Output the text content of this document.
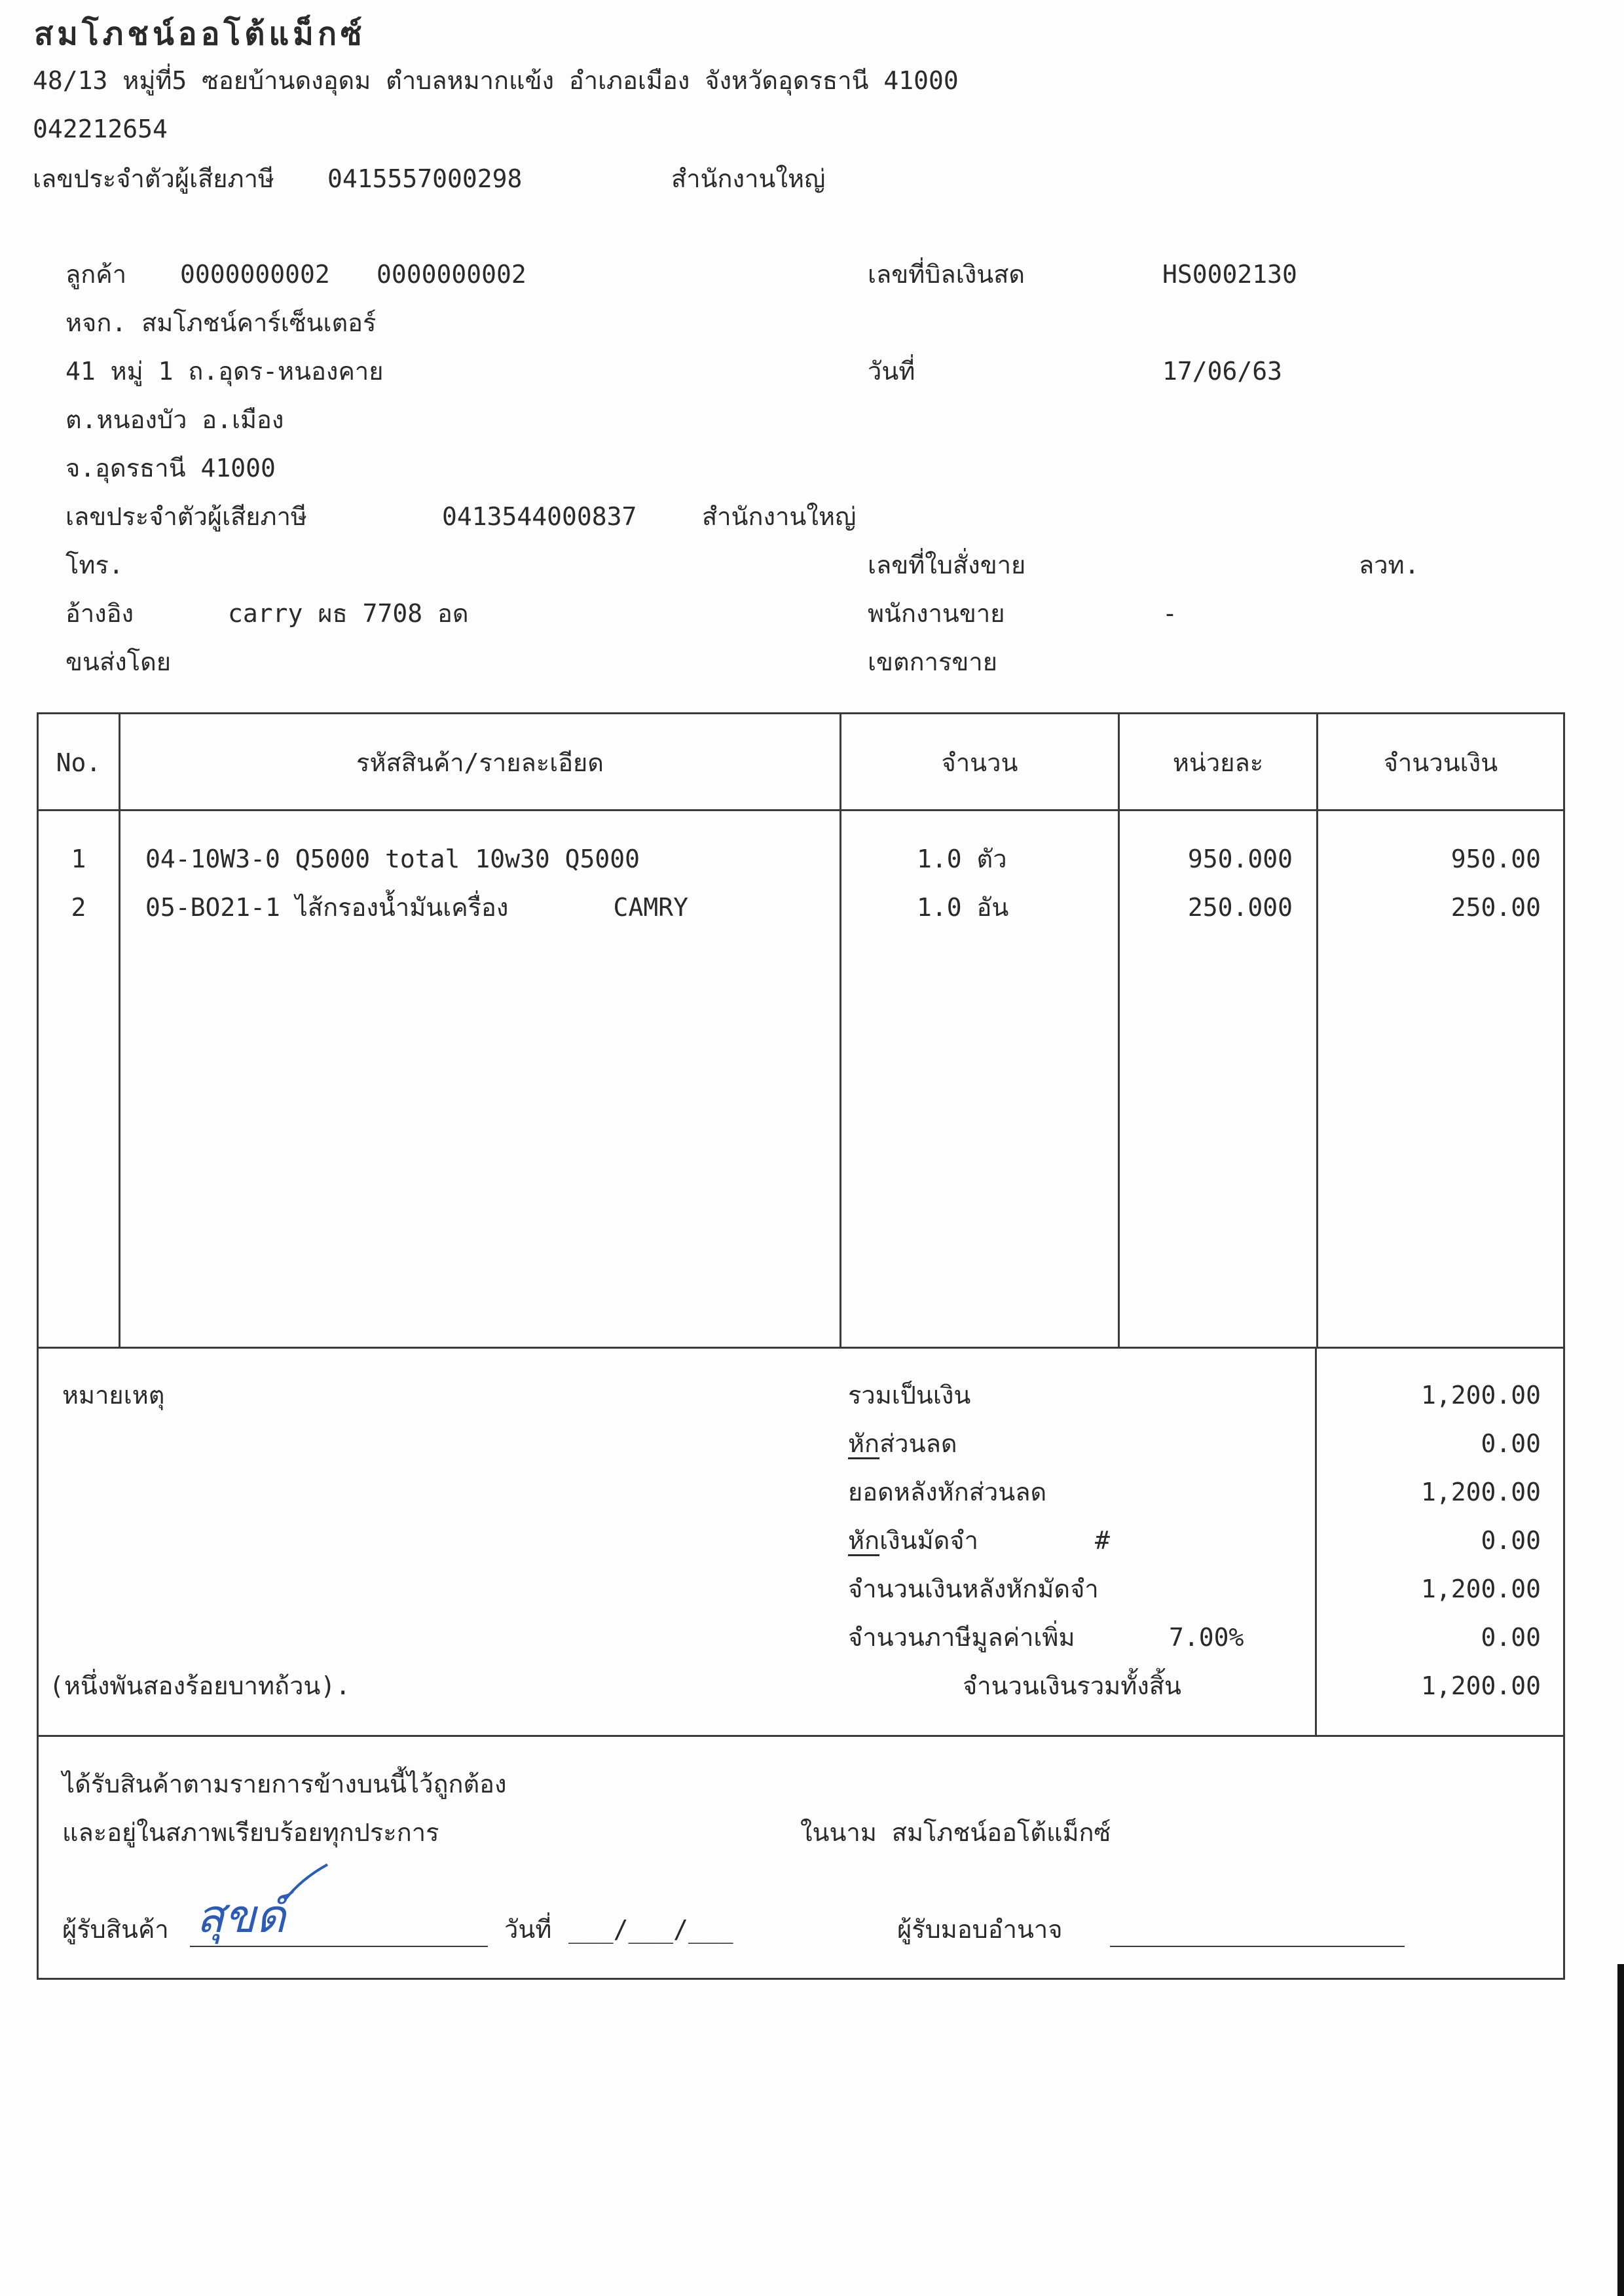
สมโภชน์ออโต้แม็กซ์
48/13 หมู่ที่5 ซอยบ้านดงอุดม ตำบลหมากแข้ง อำเภอเมือง จังหวัดอุดรธานี 41000
042212654
เลขประจำตัวผู้เสียภาษี 0415557000298	สำนักงานใหญ่
ลูกค้า 0000000002 0000000002
หจก. สมโภชน์คาร์เซ็นเตอร์
41 หมู่ 1 ถ.อุดร-หนองคาย
ต.หนองบัว อ.เมือง
จ.อุดรธานี 41000
เลขประจำตัวผู้เสียภาษี	0413544000837	สำนักงานใหญ่
โทร.
อ้างอิง	carry ผธ 7708 อด
ขนส่งโดย
เลขที่บิลเงินสด	HS0002130
วันที่	17/06/63
เลขที่ใบสั่งขาย	ลวท.
พนักงานขาย	-
เขตการขาย
No.	รหัสสินค้า/รายละเอียด	จำนวน	หน่วยละ	จำนวนเงิน
1	04-10W3-0 Q5000 total 10w30 Q5000	1.0 ตัว	950.000	950.00
2	05-BO21-1 ไส้กรองน้ำมันเครื่อง       CAMRY	1.0 อัน	250.000	250.00
หมายเหตุ	รวมเป็นเงิน	1,200.00
หักส่วนลด	0.00
ยอดหลังหักส่วนลด	1,200.00
หักเงินมัดจำ	#	0.00
จำนวนเงินหลังหักมัดจำ	1,200.00
จำนวนภาษีมูลค่าเพิ่ม	7.00%	0.00
(หนึ่งพันสองร้อยบาทถ้วน).	จำนวนเงินรวมทั้งสิ้น	1,200.00
ได้รับสินค้าตามรายการข้างบนนี้ไว้ถูกต้อง
และอยู่ในสภาพเรียบร้อยทุกประการ	ในนาม สมโภชน์ออโต้แม็กซ์
ผู้รับสินค้า สุขด์	วันที่ ___/___/___	ผู้รับมอบอำนาจ
